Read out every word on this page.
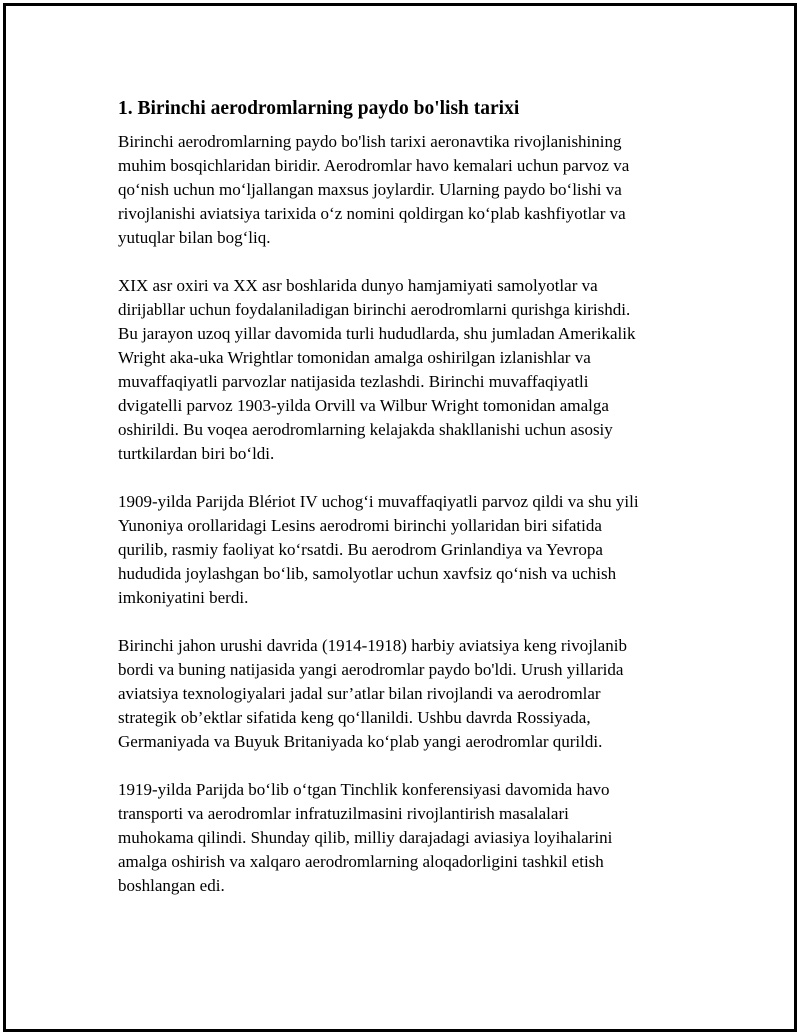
1. Birinchi aerodromlarning paydo bo'lish tarixi

Birinchi aerodromlarning paydo bo'lish tarixi aeronavtika rivojlanishining
muhim bosqichlaridan biridir. Aerodromlar havo kemalari uchun parvoz va
qo‘nish uchun mo‘ljallangan maxsus joylardir. Ularning paydo bo‘lishi va
rivojlanishi aviatsiya tarixida o‘z nomini qoldirgan ko‘plab kashfiyotlar va
yutuqlar bilan bog‘liq.

XIX asr oxiri va XX asr boshlarida dunyo hamjamiyati samolyotlar va
dirijabllar uchun foydalaniladigan birinchi aerodromlarni qurishga kirishdi.
Bu jarayon uzoq yillar davomida turli hududlarda, shu jumladan Amerikalik
Wright aka-uka Wrightlar tomonidan amalga oshirilgan izlanishlar va
muvaffaqiyatli parvozlar natijasida tezlashdi. Birinchi muvaffaqiyatli
dvigatelli parvoz 1903-yilda Orvill va Wilbur Wright tomonidan amalga
oshirildi. Bu voqea aerodromlarning kelajakda shakllanishi uchun asosiy
turtkilardan biri bo‘ldi.

1909-yilda Parijda Blériot IV uchog‘i muvaffaqiyatli parvoz qildi va shu yili
Yunoniya orollaridagi Lesins aerodromi birinchi yollaridan biri sifatida
qurilib, rasmiy faoliyat ko‘rsatdi. Bu aerodrom Grinlandiya va Yevropa
hududida joylashgan bo‘lib, samolyotlar uchun xavfsiz qo‘nish va uchish
imkoniyatini berdi.

Birinchi jahon urushi davrida (1914-1918) harbiy aviatsiya keng rivojlanib
bordi va buning natijasida yangi aerodromlar paydo bo'ldi. Urush yillarida
aviatsiya texnologiyalari jadal sur’atlar bilan rivojlandi va aerodromlar
strategik ob’ektlar sifatida keng qo‘llanildi. Ushbu davrda Rossiyada,
Germaniyada va Buyuk Britaniyada ko‘plab yangi aerodromlar qurildi.

1919-yilda Parijda bo‘lib o‘tgan Tinchlik konferensiyasi davomida havo
transporti va aerodromlar infratuzilmasini rivojlantirish masalalari
muhokama qilindi. Shunday qilib, milliy darajadagi aviasiya loyihalarini
amalga oshirish va xalqaro aerodromlarning aloqadorligini tashkil etish
boshlangan edi.
